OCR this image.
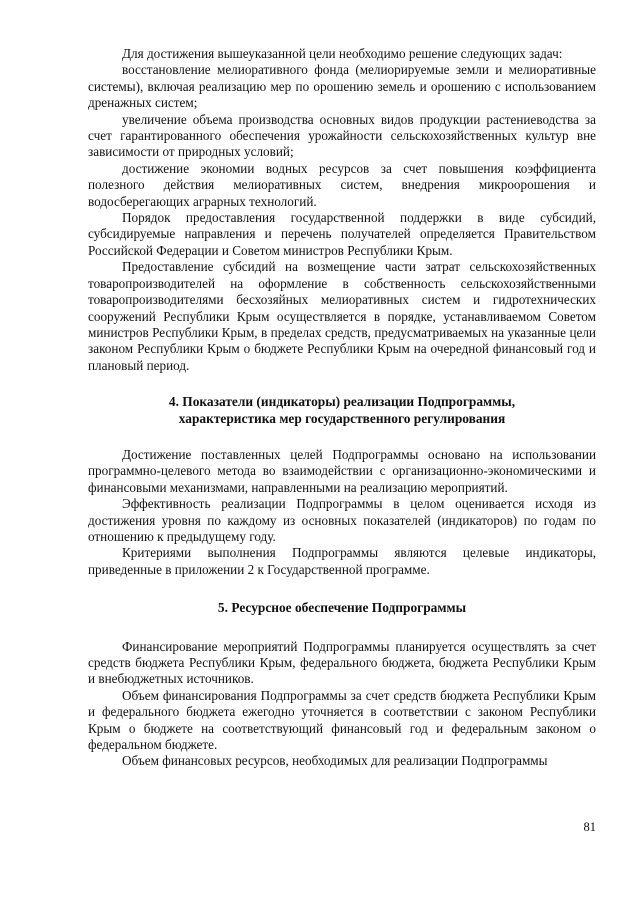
Для достижения вышеуказанной цели необходимо решение следующих задач:

восстановление мелиоративного фонда (мелиорируемые земли и мелиоративные системы), включая реализацию мер по орошению земель и орошению с использованием дренажных систем;

увеличение объема производства основных видов продукции растениеводства за счет гарантированного обеспечения урожайности сельскохозяйственных культур вне зависимости от природных условий;

достижение экономии водных ресурсов за счет повышения коэффициента полезного действия мелиоративных систем, внедрения микроорошения и водосберегающих аграрных технологий.

Порядок предоставления государственной поддержки в виде субсидий, субсидируемые направления и перечень получателей определяется Правительством Российской Федерации и Советом министров Республики Крым.

Предоставление субсидий на возмещение части затрат сельскохозяйственных товаропроизводителей на оформление в собственность сельскохозяйственными товаропроизводителями бесхозяйных мелиоративных систем и гидротехнических сооружений Республики Крым осуществляется в порядке, устанавливаемом Советом министров Республики Крым, в пределах средств, предусматриваемых на указанные цели законом Республики Крым о бюджете Республики Крым на очередной финансовый год и плановый период.

4. Показатели (индикаторы) реализации Подпрограммы,
характеристика мер государственного регулирования

Достижение поставленных целей Подпрограммы основано на использовании программно-целевого метода во взаимодействии с организационно-экономическими и финансовыми механизмами, направленными на реализацию мероприятий.

Эффективность реализации Подпрограммы в целом оценивается исходя из достижения уровня по каждому из основных показателей (индикаторов) по годам по отношению к предыдущему году.

Критериями выполнения Подпрограммы являются целевые индикаторы, приведенные в приложении 2 к Государственной программе.

5. Ресурсное обеспечение Подпрограммы

Финансирование мероприятий Подпрограммы планируется осуществлять за счет средств бюджета Республики Крым, федерального бюджета, бюджета Республики Крым и внебюджетных источников.

Объем финансирования Подпрограммы за счет средств бюджета Республики Крым и федерального бюджета ежегодно уточняется в соответствии с законом Республики Крым о бюджете на соответствующий финансовый год и федеральным законом о федеральном бюджете.

Объем финансовых ресурсов, необходимых для реализации Подпрограммы

81
